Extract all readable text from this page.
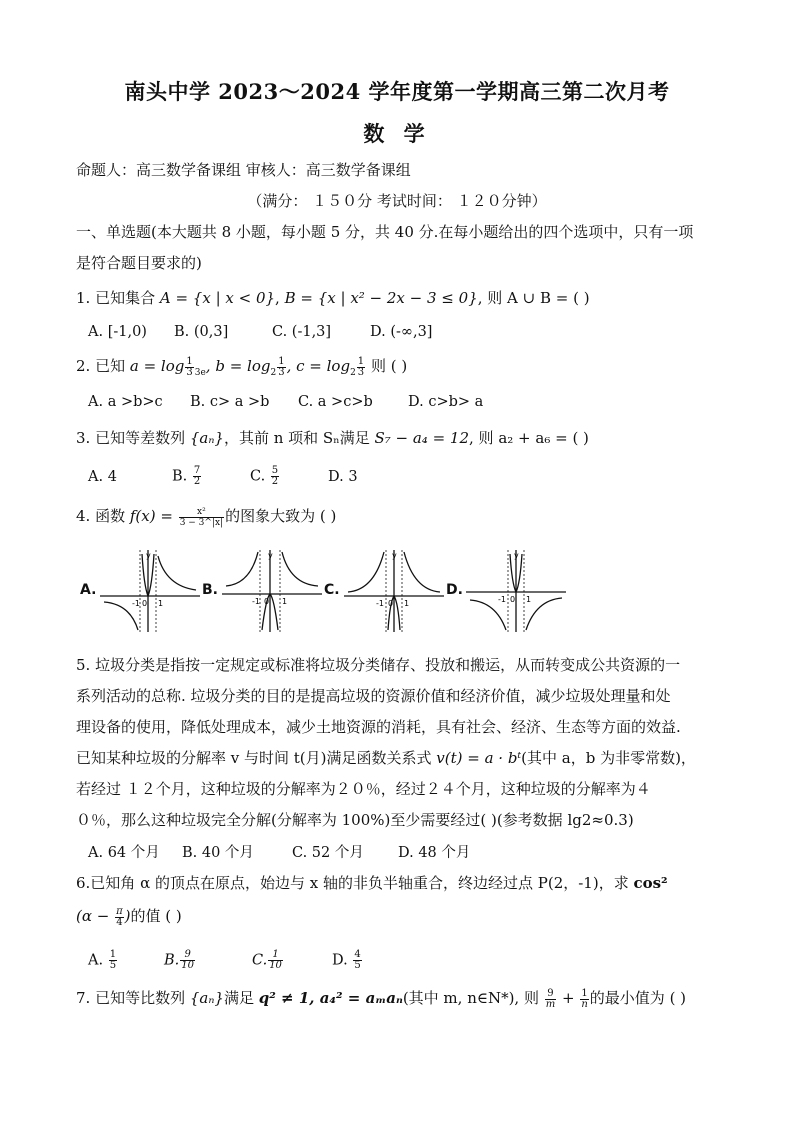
南头中学 2023～2024 学年度第一学期高三第二次月考
数 学
命题人：高三数学备课组 审核人：高三数学备课组
（满分： １５０分 考试时间： １２０分钟）
一、单选题(本大题共 8 小题，每小题 5 分，共 40 分.在每小题给出的四个选项中，只有一项
是符合题目要求的)
1. 已知集合 A = {x | x < 0}, B = {x | x² − 2x − 3 ≤ 0}, 则 A ∪ B = ( )
A. [-1,0) B. (0,3]	C. (-1,3]	D. (-∞,3]
2. 已知 $a = \log \frac{1}{3} _{3e}$, $b = \log_2 \frac{1}{3}$ , $c = \log_2 \frac{1}{3}$ 则 ( )
A. a >b>c B. c> a >b C. a >c>b D. c>b> a
3. 已知等差数列 {aₙ}，其前 n 项和 Sₙ满足 S₇ − a₄ = 12, 则 a₂ + a₆ = ( )
A. 4	B. $\frac{7}{2}$	C. $\frac{5}{2}$	D. 3
4. 函数 $f(x) = \frac{\text{x²}}{3 - 3\^{}|x|}$ 的图象大致为 ( )
A.
y
-1 0 1
B.
y
-1 0 1
C.
y
-1 0 1
D.
y
-1 0 1
5. 垃圾分类是指按一定规定或标准将垃圾分类储存、投放和搬运，从而转变成公共资源的一
系列活动的总称. 垃圾分类的目的是提高垃圾的资源价值和经济价值，减少垃圾处理量和处
理设备的使用，降低处理成本，减少土地资源的消耗，具有社会、经济、生态等方面的效益.
已知某种垃圾的分解率 v 与时间 t(月)满足函数关系式 v(t) = a · bᵗ(其中 a，b 为非零常数)，
若经过 １２个月，这种垃圾的分解率为２０％，经过２４个月，这种垃圾的分解率为４
０％，那么这种垃圾完全分解(分解率为 100%)至少需要经过( )(参考数据 lg2≈0.3)
A. 64 个月 B. 40 个月	C. 52 个月 D. 48 个月
6.已知角 α 的顶点在原点，始边与 x 轴的非负半轴重合，终边经过点 P(2，-1)，求 cos²
($\alpha - \frac{\pi}{4}$ )的值 ( )
A. $\frac{1}{5}$	B. $\frac{9}{10}$	C. $\frac{1}{10}$	D. $\frac{4}{5}$
7. 已知等比数列 {aₙ}满足 q² ≠ 1, a₄² = aₘaₙ(其中 m, n∈N*), 则 $\frac{9}{m} + \frac{1}{n}$ 的最小值为 ( )
